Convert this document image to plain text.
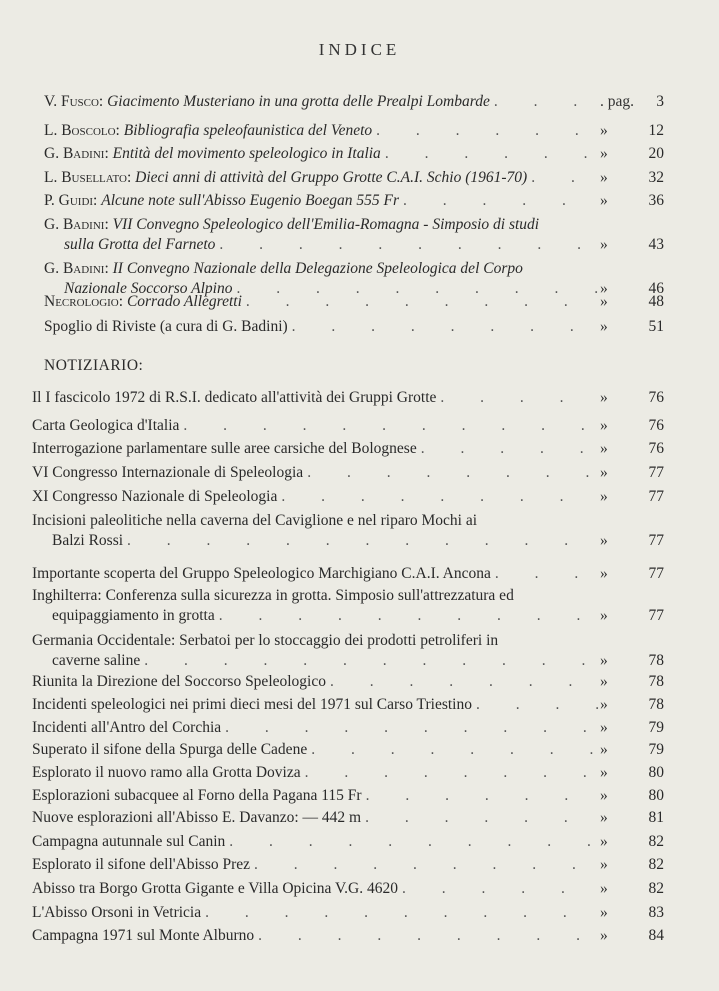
INDICE
V. Fusco: Giacimento Musteriano in una grotta delle Prealpi Lombarde . . .	. pag. 3
L. Boscolo: Bibliografia speleofaunistica del Veneto . . .	»	12
G. Badini: Entità del movimento speleologico in Italia . . .	»	20
L. Busellato: Dieci anni di attività del Gruppo Grotte C.A.I. Schio (1961-70) . . .	»	32
P. Guidi: Alcune note sull'Abisso Eugenio Boegan 555 Fr . . .	»	36
G. Badini: VII Convegno Speleologico dell'Emilia-Romagna - Simposio di studi
sulla Grotta del Farneto . . .	»	43
G. Badini: II Convegno Nazionale della Delegazione Speleologica del Corpo
Nazionale Soccorso Alpino . . .	»	46
Necrologio: Corrado Allegretti . . .	»	48
Spoglio di Riviste (a cura di G. Badini) . . .	»	51
NOTIZIARIO:
Il I fascicolo 1972 di R.S.I. dedicato all'attività dei Gruppi Grotte . . .	»	76
Carta Geologica d'Italia . . .	»	76
Interrogazione parlamentare sulle aree carsiche del Bolognese . . .	»	76
VI Congresso Internazionale di Speleologia . . .	»	77
XI Congresso Nazionale di Speleologia . . .	»	77
Incisioni paleolitiche nella caverna del Caviglione e nel riparo Mochi ai
Balzi Rossi . . .	»	77
Importante scoperta del Gruppo Speleologico Marchigiano C.A.I. Ancona . . .	»	77
Inghilterra: Conferenza sulla sicurezza in grotta. Simposio sull'attrezzatura ed
equipaggiamento in grotta . . .	»	77
Germania Occidentale: Serbatoi per lo stoccaggio dei prodotti petroliferi in
caverne saline . . .	»	78
Riunita la Direzione del Soccorso Speleologico . . .	»	78
Incidenti speleologici nei primi dieci mesi del 1971 sul Carso Triestino . . .	»	78
Incidenti all'Antro del Corchia . . .	»	79
Superato il sifone della Spurga delle Cadene . . .	»	79
Esplorato il nuovo ramo alla Grotta Doviza . . .	»	80
Esplorazioni subacquee al Forno della Pagana 115 Fr . . .	»	80
Nuove esplorazioni all'Abisso E. Davanzo: — 442 m . . .	»	81
Campagna autunnale sul Canin . . .	»	82
Esplorato il sifone dell'Abisso Prez . . .	»	82
Abisso tra Borgo Grotta Gigante e Villa Opicina V.G. 4620 . . .	»	82
L'Abisso Orsoni in Vetricia . . .	»	83
Campagna 1971 sul Monte Alburno . . .	»	84
